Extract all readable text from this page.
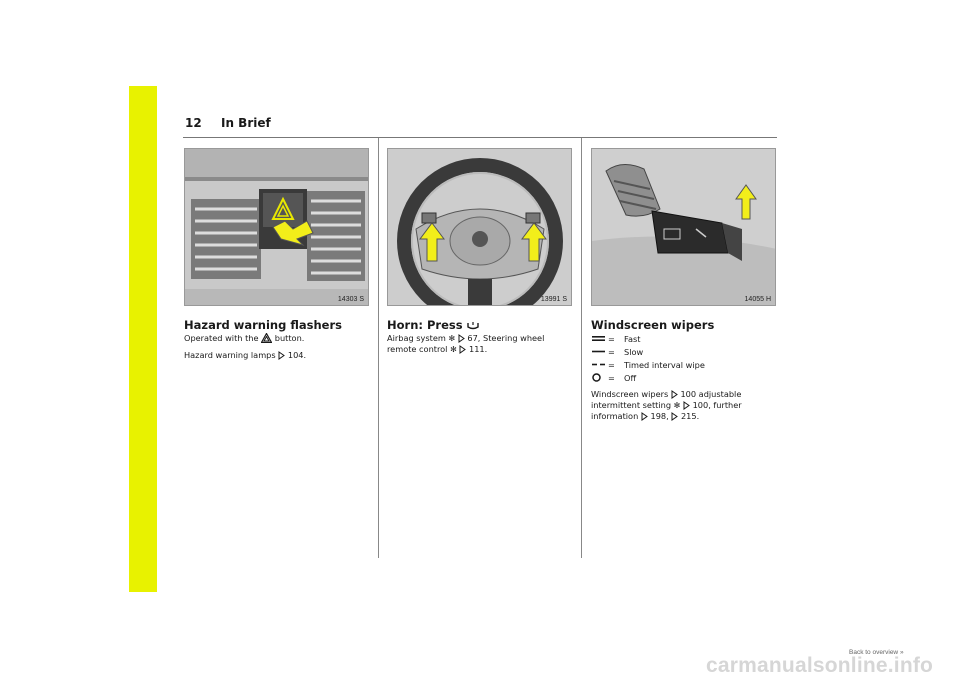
12 In Brief
14303 S	13991 S	14055 H
Hazard warning flashers
Operated with the button.
Hazard warning lamps 104.
Horn: Press
Airbag system ✻ 67, Steering wheel
remote control ✻ 111.
Windscreen wipers
=	Fast
=	Slow
=	Timed interval wipe
=	Off
Windscreen wipers 100 adjustable
intermittent setting ✻ 100, further
information 198, 215.
Back to overview »
carmanualsonline.info
